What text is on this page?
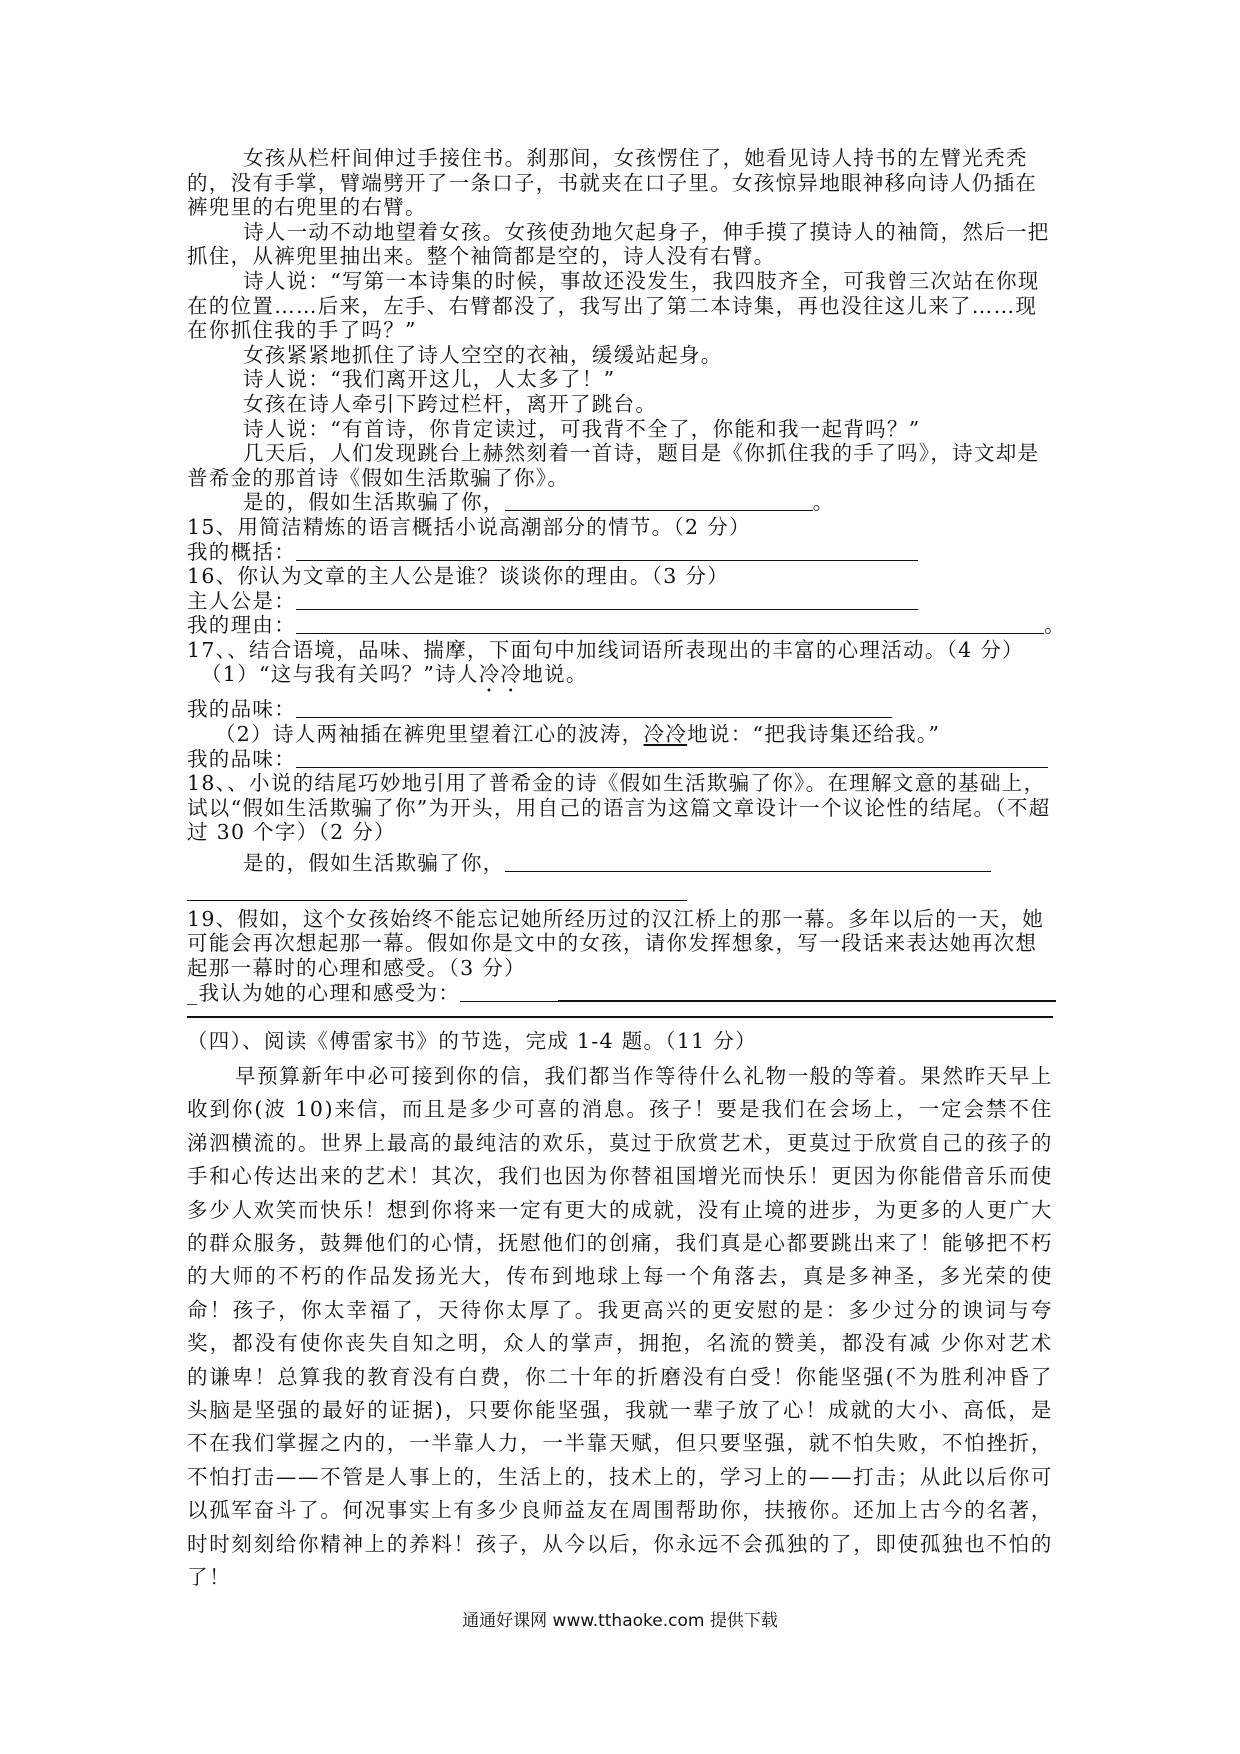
女孩从栏杆间伸过手接住书。刹那间，女孩愣住了，她看见诗人持书的左臂光秃秃的，没有手掌，臂端劈开了一条口子，书就夹在口子里。女孩惊异地眼神移向诗人仍插在裤兜里的右兜里的右臂。

诗人一动不动地望着女孩。女孩使劲地欠起身子，伸手摸了摸诗人的袖筒，然后一把抓住，从裤兜里抽出来。整个袖筒都是空的，诗人没有右臂。

诗人说：“写第一本诗集的时候，事故还没发生，我四肢齐全，可我曾三次站在你现在的位置……后来，左手、右臂都没了，我写出了第二本诗集，再也没往这儿来了……现在你抓住我的手了吗？”

女孩紧紧地抓住了诗人空空的衣袖，缓缓站起身。

诗人说：“我们离开这儿，人太多了！”

女孩在诗人牵引下跨过栏杆，离开了跳台。

诗人说：“有首诗，你肯定读过，可我背不全了，你能和我一起背吗？”

几天后，人们发现跳台上赫然刻着一首诗，题目是《你抓住我的手了吗》，诗文却是普希金的那首诗《假如生活欺骗了你》。

是的，假如生活欺骗了你，	。

15、用简洁精炼的语言概括小说高潮部分的情节。（2 分）

我的概括：

16、你认为文章的主人公是谁？谈谈你的理由。（3 分）

主人公是：

我的理由：	。

17、、结合语境，品味、揣摩，下面句中加线词语所表现出的丰富的心理活动。（4 分）

（1）“这与我有关吗？”诗人冷冷地说。

我的品味：

（2）诗人两袖插在裤兜里望着江心的波涛，冷冷地说：“把我诗集还给我。”

我的品味：

18、、小说的结尾巧妙地引用了普希金的诗《假如生活欺骗了你》。在理解文意的基础上，试以“假如生活欺骗了你”为开头，用自己的语言为这篇文章设计一个议论性的结尾。（不超过 30 个字）（2 分）

是的，假如生活欺骗了你，

19、假如，这个女孩始终不能忘记她所经历过的汉江桥上的那一幕。多年以后的一天，她可能会再次想起那一幕。假如你是文中的女孩，请你发挥想象，写一段话来表达她再次想起那一幕时的心理和感受。（3 分）

_我认为她的心理和感受为：

（四）、阅读《傅雷家书》的节选，完成 1-4 题。（11 分）

早预算新年中必可接到你的信，我们都当作等待什么礼物一般的等着。果然昨天早上收到你(波 10)来信，而且是多少可喜的消息。孩子！要是我们在会场上，一定会禁不住涕泗横流的。世界上最高的最纯洁的欢乐，莫过于欣赏艺术，更莫过于欣赏自己的孩子的手和心传达出来的艺术！其次，我们也因为你替祖国增光而快乐！更因为你能借音乐而使多少人欢笑而快乐！想到你将来一定有更大的成就，没有止境的进步，为更多的人更广大的群众服务，鼓舞他们的心情，抚慰他们的创痛，我们真是心都要跳出来了！能够把不朽的大师的不朽的作品发扬光大，传布到地球上每一个角落去，真是多神圣，多光荣的使命！孩子，你太幸福了，天待你太厚了。我更高兴的更安慰的是：多少过分的谀词与夸奖，都没有使你丧失自知之明，众人的掌声，拥抱，名流的赞美，都没有减 少你对艺术的谦卑！总算我的教育没有白费，你二十年的折磨没有白受！你能坚强(不为胜利冲昏了头脑是坚强的最好的证据)，只要你能坚强，我就一辈子放了心！成就的大小、高低，是不在我们掌握之内的，一半靠人力，一半靠天赋，但只要坚强，就不怕失败，不怕挫折，不怕打击——不管是人事上的，生活上的，技术上的，学习上的——打击；从此以后你可以孤军奋斗了。何况事实上有多少良师益友在周围帮助你，扶掖你。还加上古今的名著，时时刻刻给你精神上的养料！孩子，从今以后，你永远不会孤独的了，即使孤独也不怕的了！

通通好课网 www.tthaoke.com 提供下载
